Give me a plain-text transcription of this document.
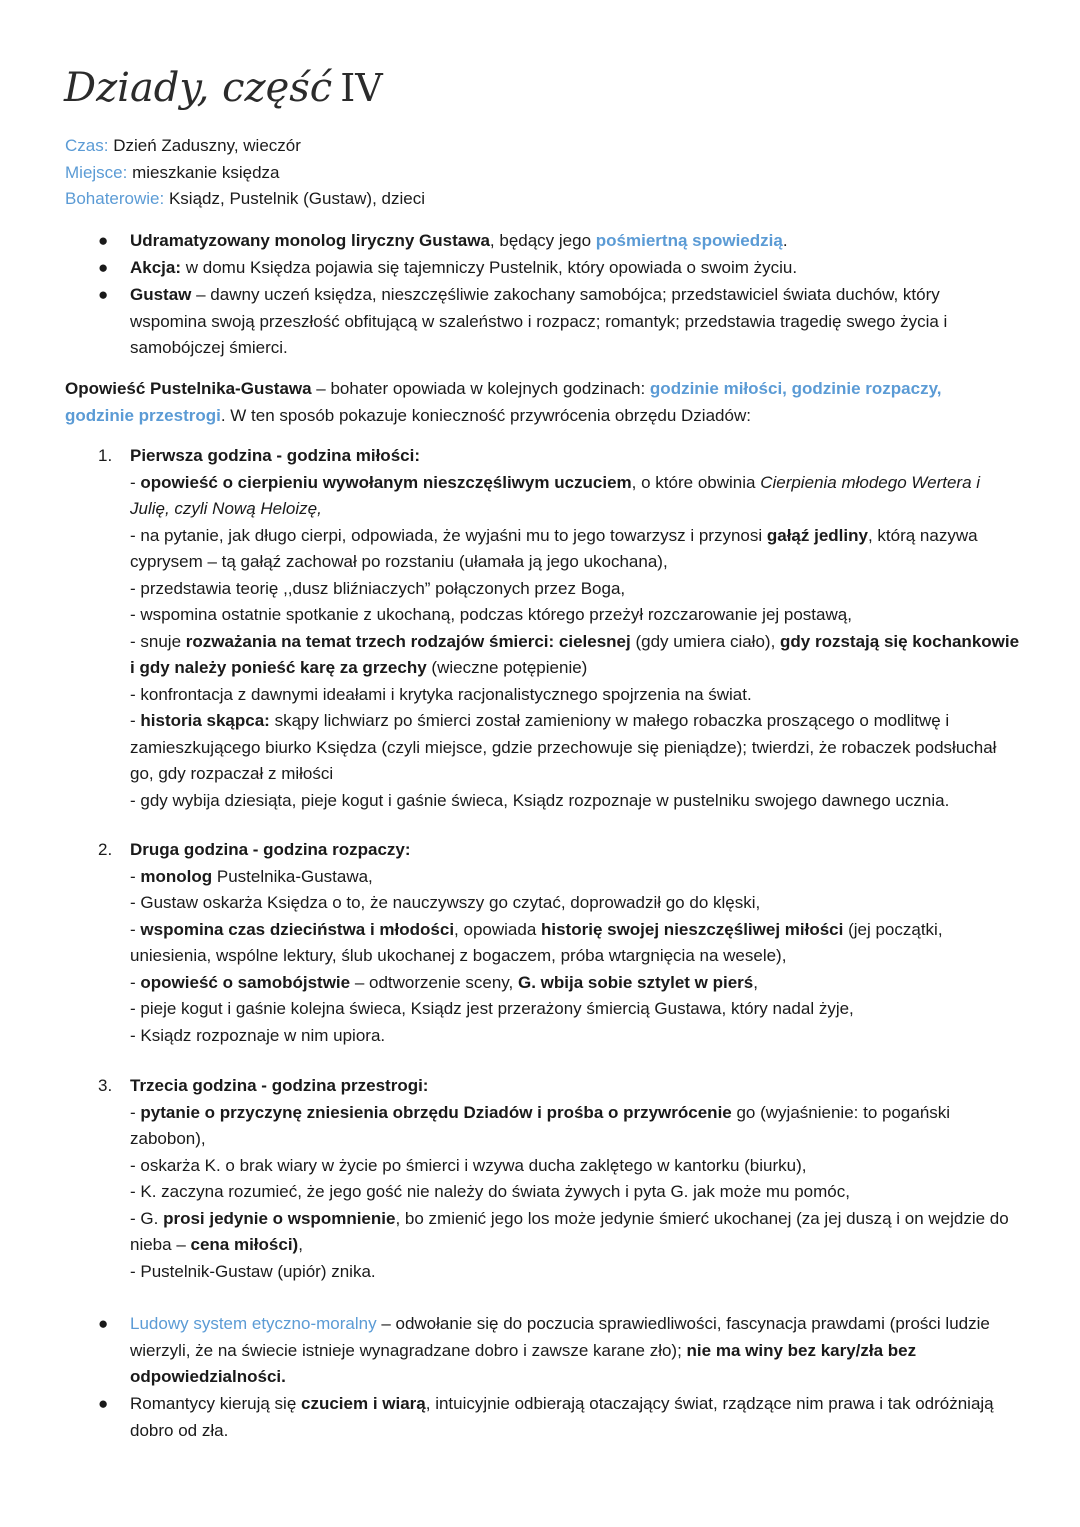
Dziady, część IV
Czas: Dzień Zaduszny, wieczór
Miejsce: mieszkanie księdza
Bohaterowie: Ksiądz, Pustelnik (Gustaw), dzieci
● Udramatyzowany monolog liryczny Gustawa, będący jego pośmiertną spowiedzią.
● Akcja: w domu Księdza pojawia się tajemniczy Pustelnik, który opowiada o swoim życiu.
● Gustaw – dawny uczeń księdza, nieszczęśliwie zakochany samobójca; przedstawiciel świata duchów, który wspomina swoją przeszłość obfitującą w szaleństwo i rozpacz; romantyk; przedstawia tragedię swego życia i samobójczej śmierci.

Opowieść Pustelnika-Gustawa – bohater opowiada w kolejnych godzinach: godzinie miłości, godzinie rozpaczy, godzinie przestrogi. W ten sposób pokazuje konieczność przywrócenia obrzędu Dziadów:

1. Pierwsza godzina - godzina miłości:

- opowieść o cierpieniu wywołanym nieszczęśliwym uczuciem, o które obwinia Cierpienia młodego Wertera i Julię, czyli Nową Heloizę,

- na pytanie, jak długo cierpi, odpowiada, że wyjaśni mu to jego towarzysz i przynosi gałąź jedliny, którą nazywa cyprysem – tą gałąź zachował po rozstaniu (ułamała ją jego ukochana),

- przedstawia teorię ,,dusz bliźniaczych” połączonych przez Boga,

- wspomina ostatnie spotkanie z ukochaną, podczas którego przeżył rozczarowanie jej postawą,

- snuje rozważania na temat trzech rodzajów śmierci: cielesnej (gdy umiera ciało), gdy rozstają się kochankowie i gdy należy ponieść karę za grzechy (wieczne potępienie)

- konfrontacja z dawnymi ideałami i krytyka racjonalistycznego spojrzenia na świat.

- historia skąpca: skąpy lichwiarz po śmierci został zamieniony w małego robaczka proszącego o modlitwę i zamieszkującego biurko Księdza (czyli miejsce, gdzie przechowuje się pieniądze); twierdzi, że robaczek podsłuchał go, gdy rozpaczał z miłości

- gdy wybija dziesiąta, pieje kogut i gaśnie świeca, Ksiądz rozpoznaje w pustelniku swojego dawnego ucznia.

2. Druga godzina - godzina rozpaczy:

- monolog Pustelnika-Gustawa,

- Gustaw oskarża Księdza o to, że nauczywszy go czytać, doprowadził go do klęski,

- wspomina czas dzieciństwa i młodości, opowiada historię swojej nieszczęśliwej miłości (jej początki, uniesienia, wspólne lektury, ślub ukochanej z bogaczem, próba wtargnięcia na wesele),

- opowieść o samobójstwie – odtworzenie sceny, G. wbija sobie sztylet w pierś,

- pieje kogut i gaśnie kolejna świeca, Ksiądz jest przerażony śmiercią Gustawa, który nadal żyje,

- Ksiądz rozpoznaje w nim upiora.

3. Trzecia godzina - godzina przestrogi:

- pytanie o przyczynę zniesienia obrzędu Dziadów i prośba o przywrócenie go (wyjaśnienie: to pogański zabobon),

- oskarża K. o brak wiary w życie po śmierci i wzywa ducha zaklętego w kantorku (biurku),

- K. zaczyna rozumieć, że jego gość nie należy do świata żywych i pyta G. jak może mu pomóc,

- G. prosi jedynie o wspomnienie, bo zmienić jego los może jedynie śmierć ukochanej (za jej duszą i on wejdzie do nieba – cena miłości),

- Pustelnik-Gustaw (upiór) znika.

● Ludowy system etyczno-moralny – odwołanie się do poczucia sprawiedliwości, fascynacja prawdami (prości ludzie wierzyli, że na świecie istnieje wynagradzane dobro i zawsze karane zło); nie ma winy bez kary/zła bez odpowiedzialności.
● Romantycy kierują się czuciem i wiarą, intuicyjnie odbierają otaczający świat, rządzące nim prawa i tak odróżniają dobro od zła.
